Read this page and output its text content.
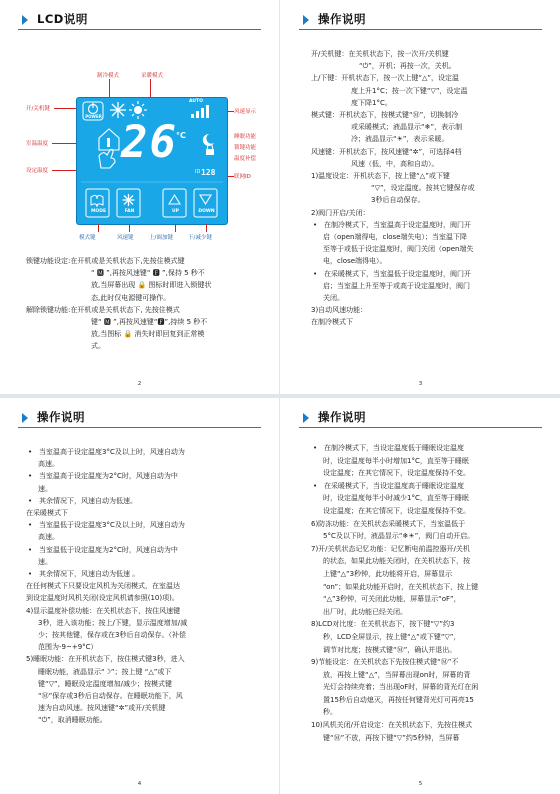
LCD说明
制冷模式	采暖模式
开/关机键
室温温度
设定温度
风速显示
睡眠功能
锁键功能
温度补偿
联网ID
AUTO
POWER
26
°C
128
ID
MODE	FAN	UP	DOWN
模式键	风速键	上/调加键	下/减少键

锁键功能设定:在开机或是关机状态下,先按住模式键

“ 🅼 ”,再按风速键“ 🅵 ”,保持 5 秒不

放,当屏幕出现 🔒 图标时即进入锁键状

态,此时仅电源键可操作。

解除锁键功能:在开机或是关机状态下, 先按住模式

键“ 🅼 ”,再按风速键“🅵”,持续 5 秒不

放,当图标 🔒 消失时即回复到正常模

式。

2
操作说明

开/关机键：在关机状态下，按一次开/关机键

“⏻”，开机；再按一次，关机。

上/下键：开机状态下，按一次上键“△”，设定温

度上升1°C；按一次下键“▽”，设定温

度下降1°C。

模式键：开机状态下，按模式键“Ⓜ”，切换制冷

或采暖模式；液晶显示“❄”，表示制

冷；液晶显示“☀”，表示采暖。

风速键：开机状态下，按风速键“✲”，可选择4档

风速（低，中，高和自动）。

1)温度设定：开机状态下，按上键“△”或下键

“▽”，设定温度。按其它键保存或

3秒后自动保存。

2)阀门开启/关闭：

• 在制冷模式下，当室温高于设定温度时，阀门开

启（open端得电，close端失电）；当室温下降

至等于或低于设定温度时，阀门关闭（open端失

电，close端得电）。

• 在采暖模式下，当室温低于设定温度时，阀门开

启；当室温上升至等于或高于设定温度时，阀门

关闭。

3)自动风速功能：

在制冷模式下

3
操作说明

• 当室温高于设定温度3°C及以上时，风速自动为

高速。

• 当室温高于设定温度为2°C时，风速自动为中

速。

• 其余情况下，风速自动为低速。

在采暖模式下

• 当室温低于设定温度3°C及以上时，风速自动为

高速。

• 当室温低于设定温度为2°C时，风速自动为中

速。

• 其余情况下，风速自动为低速 。

在任何模式下只要设定风机为关闭模式，在室温达

到设定温度时风机关闭(设定风机请参照(10)项)。

4)显示温度补偿功能：在关机状态下，按住风速键

3秒，进入该功能；按上/下键，显示温度增加/减

少；按其他键，保存或在3秒后自动保存。（补偿

范围为-9~+9°C）

5)睡眠功能：在开机状态下，按住模式键3秒，进入

睡眠功能，液晶显示“☽”；按上键 “△”或下

键“▽”，睡眠设定温度增加/减少；按模式键

“Ⓜ”保存或3秒后自动保存。在睡眠功能下，风

速为自动风速。按风速键“✲”或开/关机键

“⏻”，取消睡眠功能。

4
操作说明

• 在制冷模式下，当设定温度低于睡眠设定温度

时，设定温度每半小时增加1°C，直至等于睡眠

设定温度；在其它情况下，设定温度保持不变。

• 在采暖模式下，当设定温度高于睡眠设定温度

时，设定温度每半小时减少1°C，直至等于睡眠

设定温度；在其它情况下，设定温度保持不变。

6)防冻功能：在关机状态采暖模式下，当室温低于

5°C及以下时，液晶显示“❄☀”，阀门自动开启。

7)开/关机状态记忆功能：记忆断电前温控器开/关机

的状态，如果此功能关闭时，在关机状态下，按

上键“△”3秒钟，此功能将开启，屏幕显示

“on”；如果此功能开启时，在关机状态下，按上键

“△”3秒钟，可关闭此功能，屏幕显示“oF”，

出厂时，此功能已经关闭。

8)LCD对比度：在关机状态下，按下键“▽”约3

秒，LCD全屏显示，按上键“△”或下键“▽”，

调节对比度；按模式键“Ⓜ”，确认并退出。

9)节能设定：在关机状态下先按住模式键“Ⓜ”不

放，再按上键“△”，当屏幕出现on时，屏幕的背

光灯会持续亮着；当出现oF时，屏幕的背光灯在闲

置15秒后自动熄灭，再按任何键背光灯可再亮15

秒。

10)风机关闭/开启设定：在关机状态下，先按住模式

键“Ⓜ”不放，再按下键“▽”约5秒钟，当屏幕

5
